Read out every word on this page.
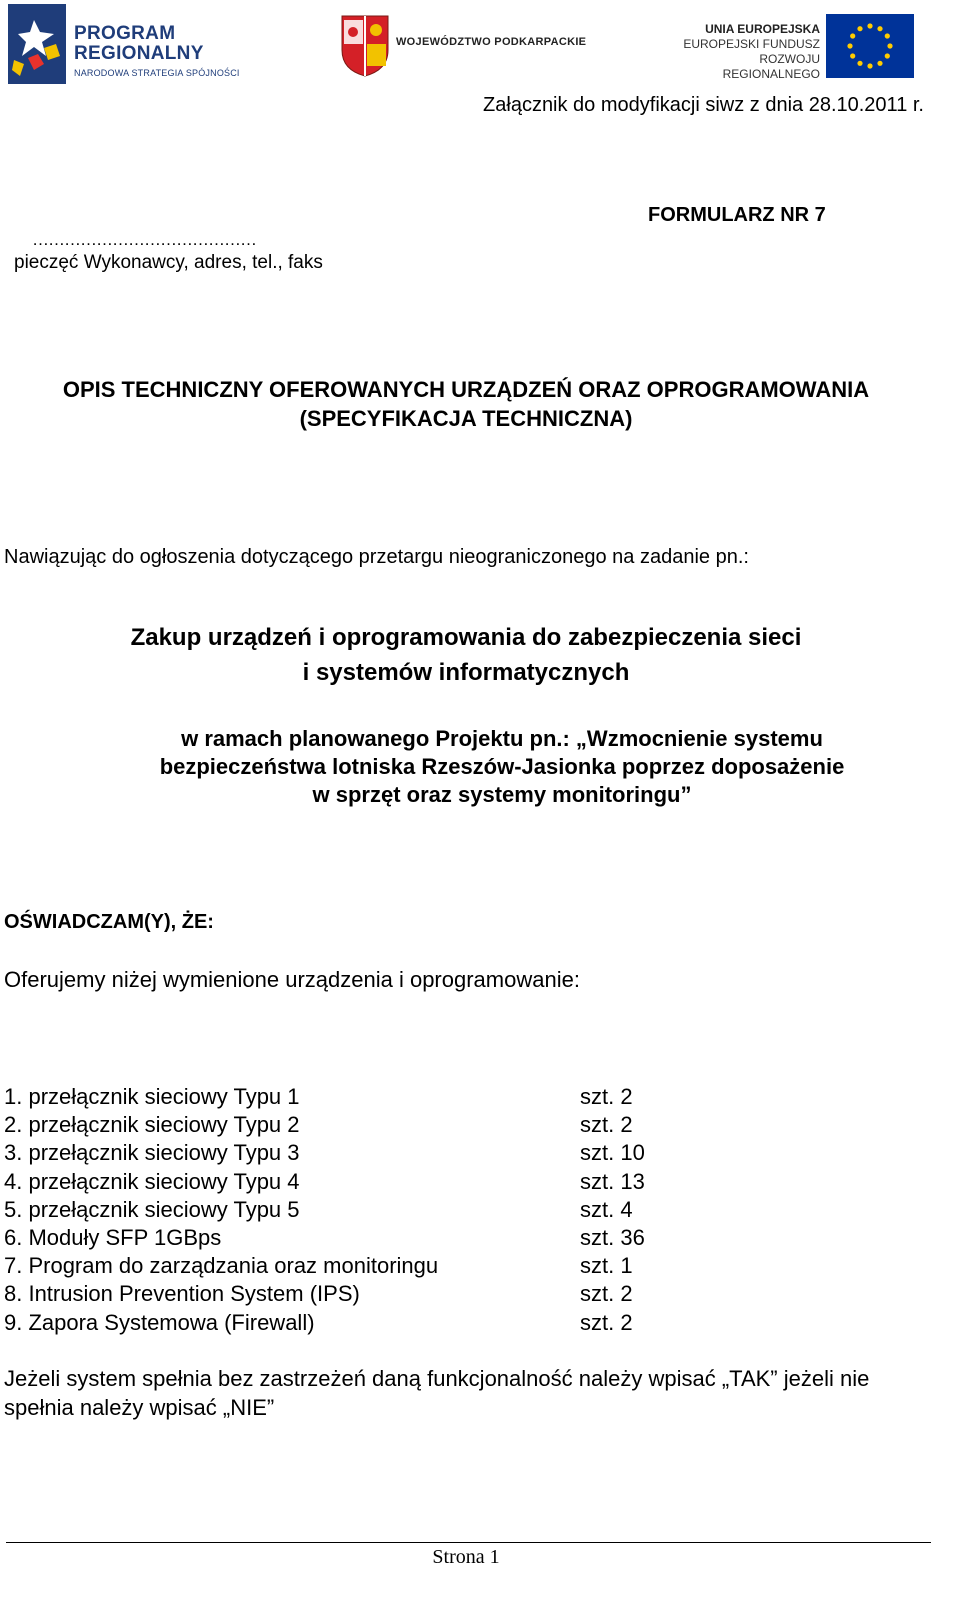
PROGRAM
REGIONALNY
NARODOWA STRATEGIA SPÓJNOŚCI
WOJEWÓDZTWO PODKARPACKIE
UNIA EUROPEJSKA
EUROPEJSKI FUNDUSZ
ROZWOJU REGIONALNEGO
Załącznik do modyfikacji siwz z dnia 28.10.2011 r.
FORMULARZ NR 7
……………………………………
pieczęć Wykonawcy, adres, tel., faks
OPIS TECHNICZNY OFEROWANYCH URZĄDZEŃ ORAZ OPROGRAMOWANIA
(SPECYFIKACJA TECHNICZNA)
Nawiązując do ogłoszenia dotyczącego przetargu nieograniczonego na zadanie pn.:
Zakup urządzeń i oprogramowania do zabezpieczenia sieci
i systemów informatycznych
w ramach planowanego Projektu pn.: „Wzmocnienie systemu
bezpieczeństwa lotniska Rzeszów-Jasionka poprzez doposażenie
w sprzęt oraz systemy monitoringu”
OŚWIADCZAM(Y), ŻE:
Oferujemy niżej wymienione urządzenia i oprogramowanie:
1. przełącznik sieciowy Typu 1	szt. 2
2. przełącznik sieciowy Typu 2	szt. 2
3. przełącznik sieciowy Typu 3	szt. 10
4. przełącznik sieciowy Typu 4	szt. 13
5. przełącznik sieciowy Typu 5	szt. 4
6. Moduły SFP 1GBps	szt. 36
7. Program do zarządzania oraz monitoringu	szt. 1
8. Intrusion Prevention System (IPS)	szt. 2
9. Zapora Systemowa (Firewall)	szt. 2
Jeżeli system spełnia bez zastrzeżeń daną funkcjonalność należy wpisać „TAK” jeżeli nie spełnia należy wpisać „NIE”
Strona 1
